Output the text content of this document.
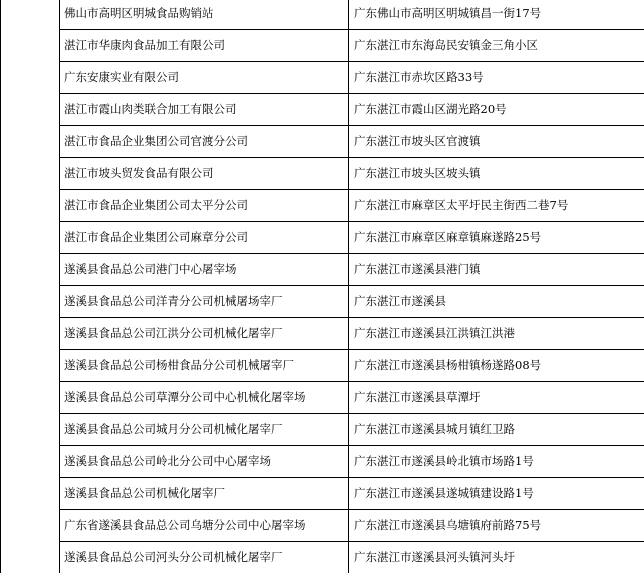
	佛山市高明区明城食品购销站	广东佛山市高明区明城镇昌一街17号
	湛江市华康肉食品加工有限公司	广东湛江市东海岛民安镇金三角小区
	广东安康实业有限公司	广东湛江市赤坎区路33号
	湛江市霞山肉类联合加工有限公司	广东湛江市霞山区湖光路20号
	湛江市食品企业集团公司官渡分公司	广东湛江市坡头区官渡镇
	湛江市坡头贸发食品有限公司	广东湛江市坡头区坡头镇
	湛江市食品企业集团公司太平分公司	广东湛江市麻章区太平圩民主街西二巷7号
	湛江市食品企业集团公司麻章分公司	广东湛江市麻章区麻章镇麻遂路25号
	遂溪县食品总公司港门中心屠宰场	广东湛江市遂溪县港门镇
	遂溪县食品总公司洋青分公司机械屠场宰厂	广东湛江市遂溪县
	遂溪县食品总公司江洪分公司机械化屠宰厂	广东湛江市遂溪县江洪镇江洪港
	遂溪县食品总公司杨柑食品分公司机械屠宰厂	广东湛江市遂溪县杨柑镇杨遂路08号
	遂溪县食品总公司草潭分公司中心机械化屠宰场	广东湛江市遂溪县草潭圩
	遂溪县食品总公司城月分公司机械化屠宰厂	广东湛江市遂溪县城月镇红卫路
	遂溪县食品总公司岭北分公司中心屠宰场	广东湛江市遂溪县岭北镇市场路1号
	遂溪县食品总公司机械化屠宰厂	广东湛江市遂溪县遂城镇建设路1号
	广东省遂溪县食品总公司乌塘分公司中心屠宰场	广东湛江市遂溪县乌塘镇府前路75号
	遂溪县食品总公司河头分公司机械化屠宰厂	广东湛江市遂溪县河头镇河头圩
